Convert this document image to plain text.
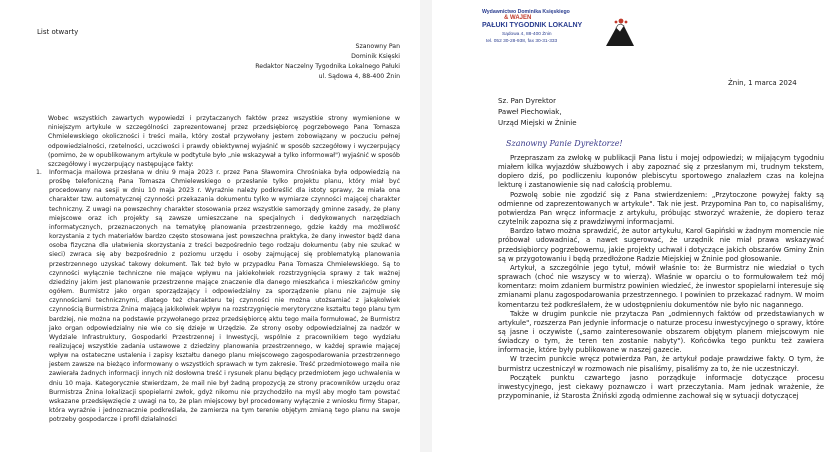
List otwarty
Szanowny Pan
Dominik Księski
Redaktor Naczelny Tygodnika Lokalnego Pałuki
ul. Sądowa 4, 88-400 Żnin
Wobec wszystkich zawartych wypowiedzi i przytaczanych faktów przez wszystkie strony wymienione w niniejszym artykule w szczególności zaprezentowanej przez przedsiębiorcę pogrzebowego Pana Tomasza Chmielewskiego okoliczności i treści maila, który został przywołany jestem zobowiązany w poczuciu pełnej odpowiedzialności, rzetelności, uczciwości i prawdy obiektywnej wyjaśnić w sposób szczegółowy i wyczerpujący (pomimo, że w opublikowanym artykule w podtytule było „nie wskazywał a tylko informował") wyjaśnić w sposób szczegółowy i wyczerpujący następujące fakty:
1. Informacja mailowa przesłana w dniu 9 maja 2023 r. przez Pana Sławomira Chrośniaka była odpowiedzią na prośbę telefoniczną Pana Tomasza Chmielewskiego o przesłanie tylko projektu planu, który miał być procedowany na sesji w dniu 10 maja 2023 r. Wyraźnie należy podkreślić dla istoty sprawy, że miała ona charakter tzw. automatycznej czynności przekazania dokumentu tylko w wymiarze czynności mającej charakter techniczny. Z uwagi na powszechny charakter stosowania przez wszystkie samorządy gminne zasady, że plany miejscowe oraz ich projekty są zawsze umieszczane na specjalnych i dedykowanych narzędziach informatycznych, przeznaczonych na tematykę planowania przestrzennego, gdzie każdy ma możliwość korzystania z tych materiałów bardzo często stosowana jest powszechna praktyka, że dany inwestor bądź dana osoba fizyczna dla ułatwienia skorzystania z treści bezpośrednio tego rodzaju dokumentu (aby nie szukać w sieci) zwraca się aby bezpośrednio z poziomu urzędu i osoby zajmującej się problematyką planowania przestrzennego uzyskać takowy dokument. Tak też było w przypadku Pana Tomasza Chmielewskiego. Są to czynności wyłącznie techniczne nie mające wpływu na jakiekolwiek rozstrzygnięcia sprawy z tak ważnej dziedziny jakim jest planowanie przestrzenne mające znaczenie dla danego mieszkańca i mieszkańców gminy ogółem. Burmistrz jako organ sporządzający i odpowiedzialny za sporządzenie planu nie zajmuje się czynnościami technicznymi, dlatego też charakteru tej czynności nie można utożsamiać z jakąkolwiek czynnością Burmistrza Żnina mającą jakikolwiek wpływ na rozstrzygnięcie merytoryczne kształtu tego planu tym bardziej, nie można na podstawie przywołanego przez przedsiębiorcę aktu tego maila formułować, że Burmistrz jako organ odpowiedzialny nie wie co się dzieje w Urzędzie. Ze strony osoby odpowiedzialnej za nadzór w Wydziale Infrastruktury, Gospodarki Przestrzennej i Inwestycji, wspólnie z pracownikiem tego wydziału realizującej wszystkie zadania ustawowe z dziedziny planowania przestrzennego, w każdej sprawie mającej wpływ na ostateczne ustalenia i zapisy kształtu danego planu miejscowego zagospodarowania przestrzennego jestem zawsze na bieżąco informowany o wszystkich sprawach w tym zakresie. Treść przedmiotowego maila nie zawierała żadnych informacji innych niż dosłowna treść i rysunek planu będący przedmiotem jego uchwalenia w dniu 10 maja. Kategorycznie stwierdzam, że mail nie był żadną propozycją ze strony pracowników urzędu oraz Burmistrza Żnina lokalizacji spopielarni zwłok, gdyż nikomu nie przychodziło na myśl aby mogło tam powstać wskazane przedsięwzięcie z uwagi na to, że plan miejscowy był procedowany wyłącznie z wniosku firmy Stapar, która wyraźnie i jednoznacznie podkreślała, że zamierza na tym terenie objętym zmianą tego planu na swoje potrzeby gospodarcze i profil działalności
Wydawnictwo Dominika Księskiego
& WAJEN
PAŁUKI TYGODNIK LOKALNY
Sądowa 4, 88-400 Żnin
tel. 052 30-28-938, fax 30-31-333
Żnin, 1 marca 2024
Sz. Pan Dyrektor
Paweł Piechowiak,
Urząd Miejski w Żninie
Szanowny Panie Dyrektorze!

Przepraszam za zwłokę w publikacji Pana listu i mojej odpowiedzi; w mijającym tygodniu miałem kilka wyjazdów służbowych i aby zapoznać się z przesłanym mi, trudnym tekstem, dopiero dziś, po podliczeniu kuponów plebiscytu sportowego znalazłem czas na kolejna lekturę i zastanowienie się nad całością problemu.

Pozwolę sobie nie zgodzić się z Pana stwierdzeniem: „Przytoczone powyżej fakty są odmienne od zaprezentowanych w artykule". Tak nie jest. Przypomina Pan to, co napisaliśmy, potwierdza Pan wręcz informacje z artykułu, próbując stworzyć wrażenie, że dopiero teraz czytelnik zapozna się z prawdziwymi informacjami.

Bardzo łatwo można sprawdzić, że autor artykułu, Karol Gapiński w żadnym momencie nie próbował udowadniać, a nawet sugerować, że urzędnik nie miał prawa wskazywać przedsiębiorcy pogrzebowemu, jakie projekty uchwał i dotyczące jakich obszarów Gminy Żnin są w przygotowaniu i będą przedłożone Radzie Miejskiej w Żninie pod głosowanie.

Artykuł, a szczególnie jego tytuł, mówił właśnie to: że Burmistrz nie wiedział o tych sprawach (choć nie wszyscy w to wierzą). Właśnie w oparciu o to formułowałem też mój komentarz: moim zdaniem burmistrz powinien wiedzieć, że inwestor spopielarni interesuje się zmianami planu zagospodarowania przestrzennego. I powinien to przekazać radnym. W moim komentarzu też podkreślałem, że w udostępnieniu dokumentów nie było nic nagannego.

Także w drugim punkcie nie przytacza Pan „odmiennych faktów od przedstawianych w artykule", rozszerza Pan jedynie informacje o naturze procesu inwestycyjnego o sprawy, które są jasne i oczywiste („samo zainteresowanie obszarem objętym planem miejscowym nie świadczy o tym, że teren ten zostanie nabyty"). Końcówka tego punktu też zawiera informacje, które były publikowane w naszej gazecie.

W trzecim punkcie wręcz potwierdza Pan, że artykuł podaje prawdziwe fakty. O tym, że burmistrz uczestniczył w rozmowach nie pisaliśmy, pisaliśmy za to, że nie uczestniczył.

Początek punktu czwartego jasno porządkuje informacje dotyczące procesu inwestycyjnego, jest ciekawy poznawczo i wart przeczytania. Mam jednak wrażenie, że przypominanie, iż Starosta Żniński zgodą odmienne zachował się w sytuacji dotyczącej
